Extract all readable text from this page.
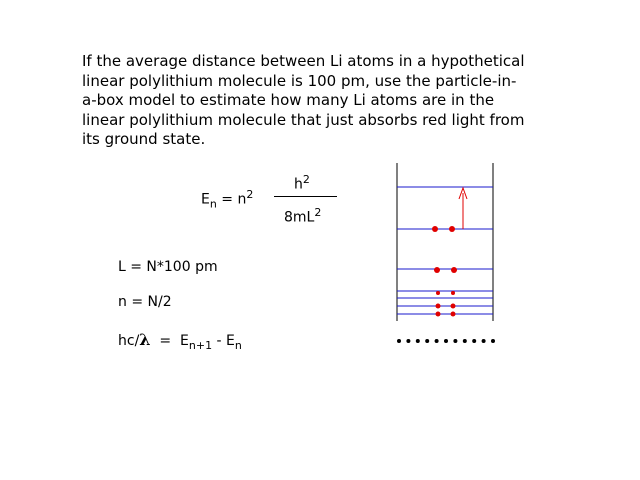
If the average distance between Li atoms in a hypothetical
linear polylithium molecule is 100 pm, use the particle-in-
a-box model to estimate how many Li atoms are in the
linear polylithium molecule that just absorbs red light from
its ground state.
$E_n = n^2$
$h^2$
$8mL^2$
L = N*100 pm
n = N/2
$hc/\lambda = E_{n+1} - E_n$
